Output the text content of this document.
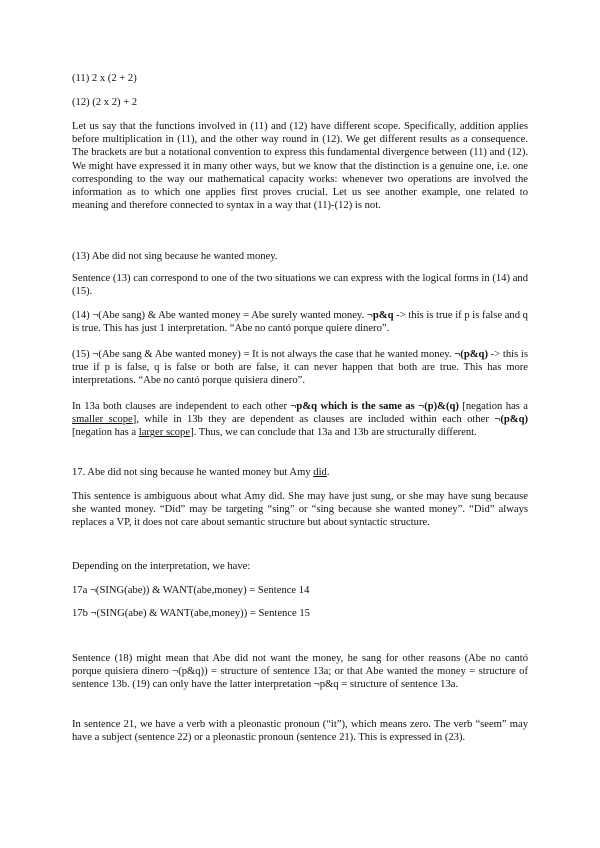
(11) 2 x (2 + 2)
(12) (2 x 2) + 2

Let us say that the functions involved in (11) and (12) have different scope. Specifically, addition applies before multiplication in (11), and the other way round in (12). We get different results as a consequence. The brackets are but a notational convention to express this fundamental divergence between (11) and (12). We might have expressed it in many other ways, but we know that the distinction is a genuine one, i.e. one corresponding to the way our mathematical capacity works: whenever two operations are involved the information as to which one applies first proves crucial. Let us see another example, one related to meaning and therefore connected to syntax in a way that (11)-(12) is not.

(13) Abe did not sing because he wanted money.

Sentence (13) can correspond to one of the two situations we can express with the logical forms in (14) and (15).

(14) ¬(Abe sang) & Abe wanted money = Abe surely wanted money. ¬p&q -> this is true if p is false and q is true. This has just 1 interpretation. “Abe no cantó porque quiere dinero”.

(15) ¬(Abe sang & Abe wanted money) = It is not always the case that he wanted money. ¬(p&q) -> this is true if p is false, q is false or both are false, it can never happen that both are true. This has more interpretations. “Abe no cantó porque quisiera dinero”.

In 13a both clauses are independent to each other ¬p&q which is the same as ¬(p)&(q) [negation has a smaller scope], while in 13b they are dependent as clauses are included within each other ¬(p&q) [negation has a larger scope]. Thus, we can conclude that 13a and 13b are structurally different.

17. Abe did not sing because he wanted money but Amy did.

This sentence is ambiguous about what Amy did. She may have just sung, or she may have sung because she wanted money. “Did” may be targeting “sing” or “sing because she wanted money”. “Did” always replaces a VP, it does not care about semantic structure but about syntactic structure.

Depending on the interpretation, we have:
17a ¬(SING(abe)) & WANT(abe,money) = Sentence 14
17b ¬(SING(abe) & WANT(abe,money)) = Sentence 15

Sentence (18) might mean that Abe did not want the money, he sang for other reasons (Abe no cantó porque quisiera dinero ¬(p&q)) = structure of sentence 13a; or that Abe wanted the money = structure of sentence 13b. (19) can only have the latter interpretation ¬p&q = structure of sentence 13a.

In sentence 21, we have a verb with a pleonastic pronoun (“it”), which means zero. The verb “seem” may have a subject (sentence 22) or a pleonastic pronoun (sentence 21). This is expressed in (23).
